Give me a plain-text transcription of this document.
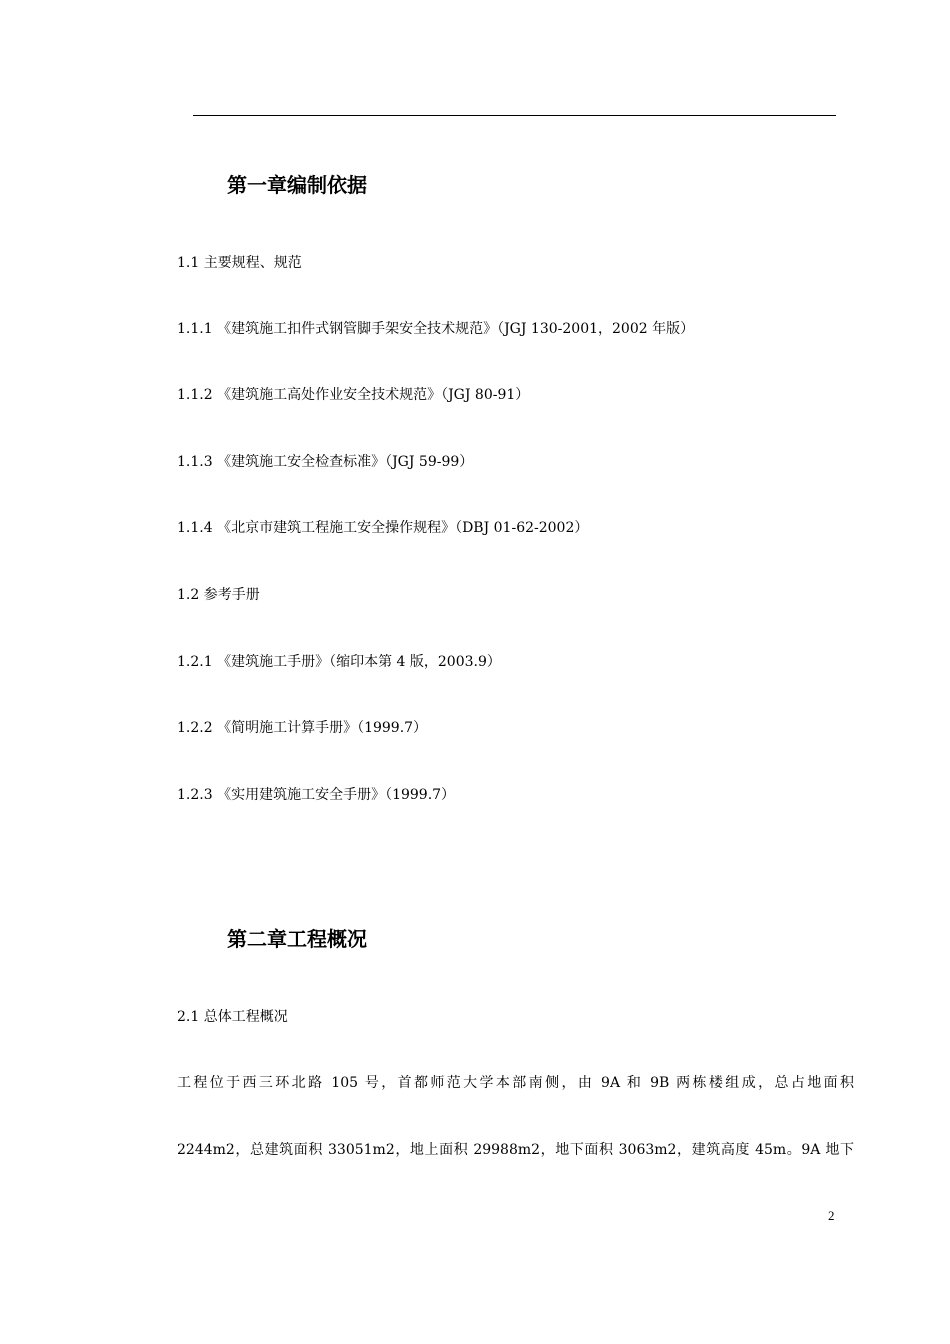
第一章编制依据
1.1 主要规程、规范
1.1.1 《建筑施工扣件式钢管脚手架安全技术规范》（JGJ 130-2001，2002 年版）
1.1.2 《建筑施工高处作业安全技术规范》（JGJ 80-91）
1.1.3 《建筑施工安全检查标准》（JGJ 59-99）
1.1.4 《北京市建筑工程施工安全操作规程》（DBJ 01-62-2002）
1.2 参考手册
1.2.1 《建筑施工手册》（缩印本第 4 版，2003.9）
1.2.2 《简明施工计算手册》（1999.7）
1.2.3 《实用建筑施工安全手册》（1999.7）
第二章工程概况
2.1 总体工程概况
工程位于西三环北路 105 号，首都师范大学本部南侧，由 9A 和 9B 两栋楼组成，总占地面积
2244m2，总建筑面积 33051m2，地上面积 29988m2，地下面积 3063m2，建筑高度 45m。9A 地下
2
